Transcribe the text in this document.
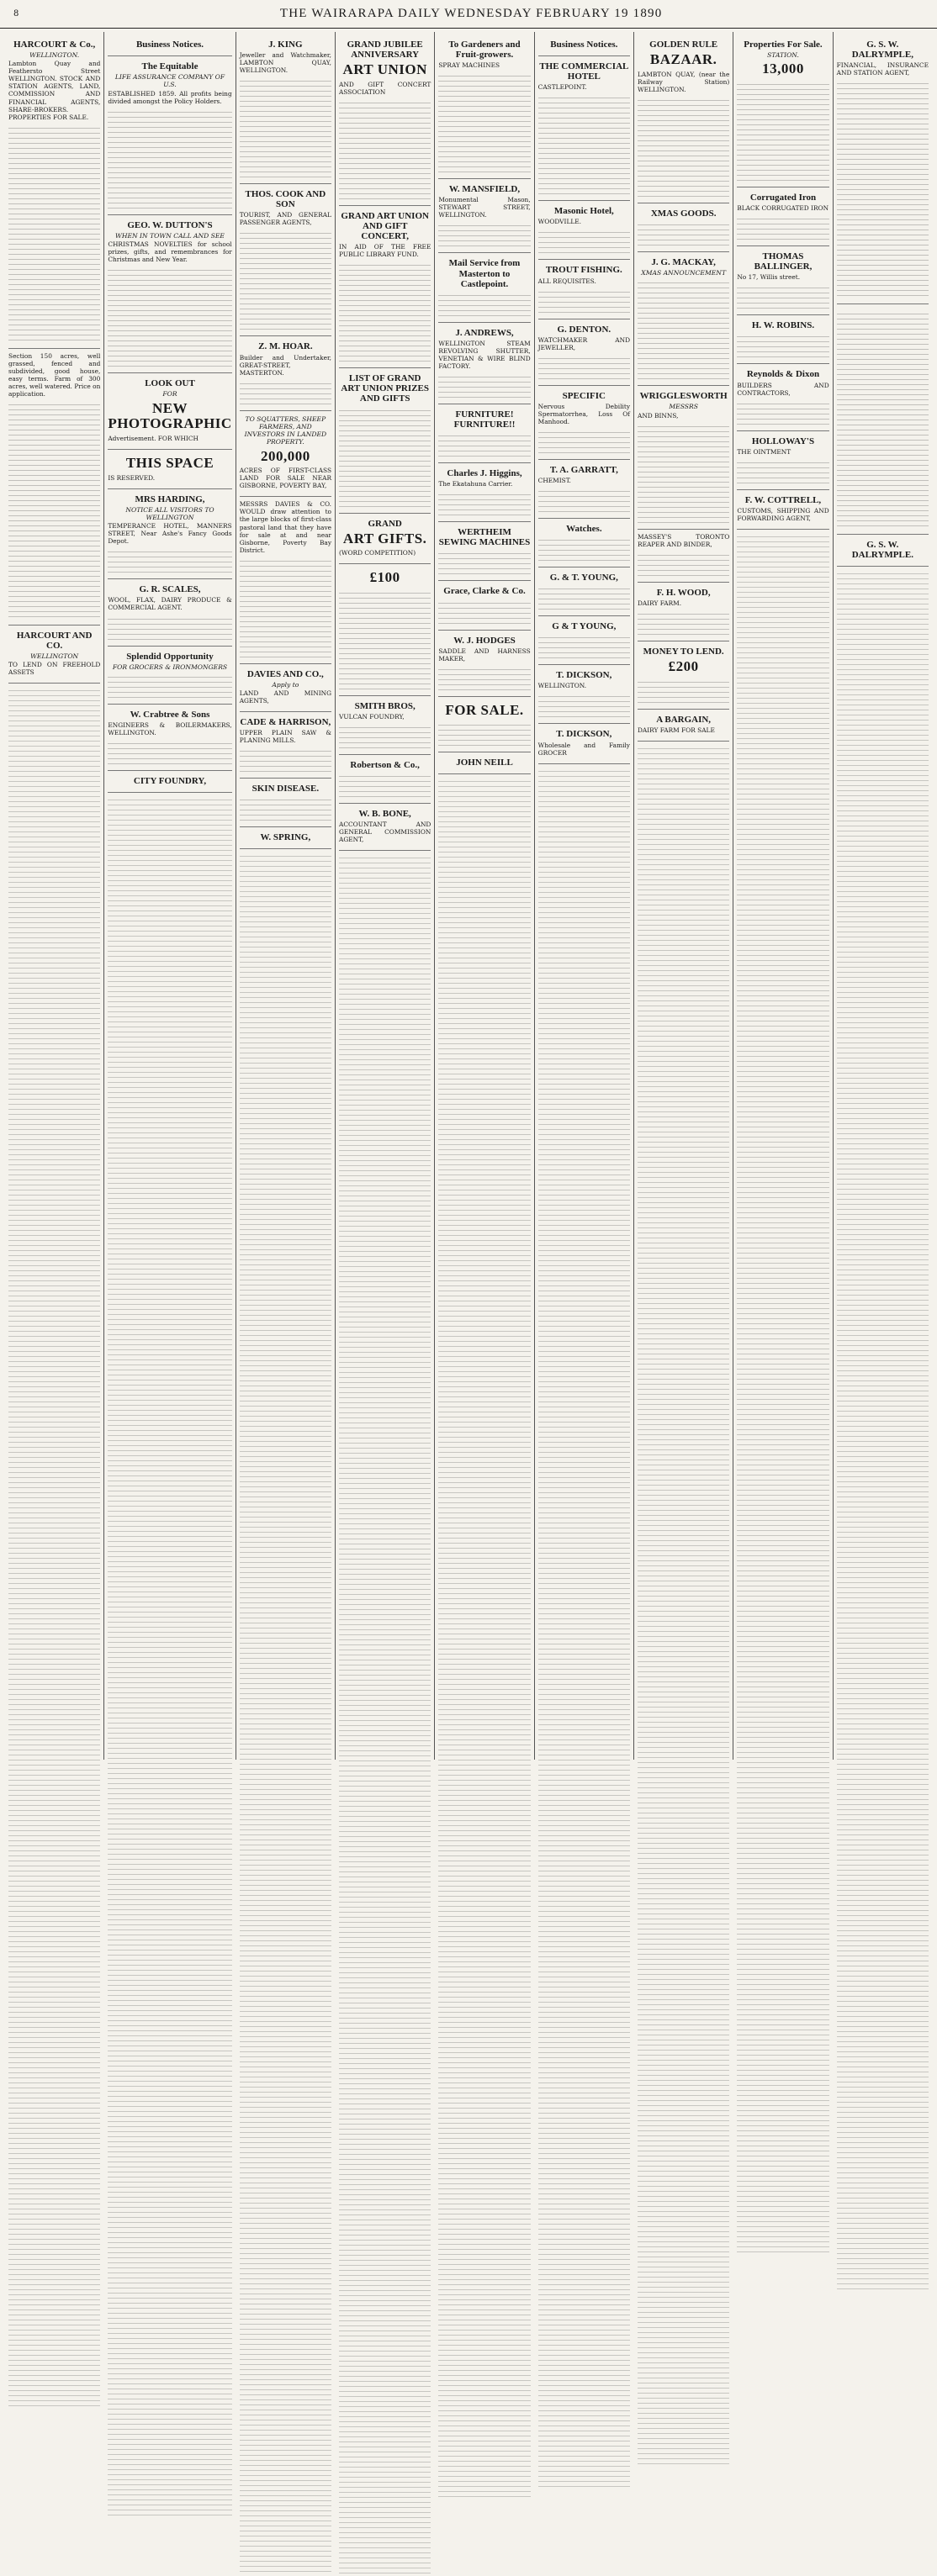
8	THE WAIRARAPA DAILY WEDNESDAY FEBRUARY 19 1890
HARCOURT & Co.,
WELLINGTON.

Lambton Quay and Feathersto Street WELLINGTON. STOCK AND STATION AGENTS, LAND, COMMISSION AND FINANCIAL AGENTS, SHARE-BROKERS. PROPERTIES FOR SALE.

Section 150 acres, well grassed, fenced and subdivided, good house, easy terms. Farm of 300 acres, well watered. Price on application.

HARCOURT AND CO.
WELLINGTON

TO LEND ON FREEHOLD ASSETS

Business Notices.
The Equitable
LIFE ASSURANCE COMPANY OF U.S.

ESTABLISHED 1859. All profits being divided amongst the Policy Holders.

GEO. W. DUTTON'S
WHEN IN TOWN CALL AND SEE

CHRISTMAS NOVELTIES for school prizes, gifts, and remembrances for Christmas and New Year.

LOOK OUT
FOR
NEW PHOTOGRAPHIC

Advertisement. FOR WHICH

THIS SPACE

IS RESERVED.

MRS HARDING,
NOTICE ALL VISITORS TO WELLINGTON

TEMPERANCE HOTEL, MANNERS STREET, Near Ashe's Fancy Goods Depot.

G. R. SCALES,

WOOL, FLAX, DAIRY PRODUCE & COMMERCIAL AGENT.

Splendid Opportunity
FOR GROCERS & IRONMONGERS
W. Crabtree & Sons

ENGINEERS & BOILERMAKERS, WELLINGTON.

CITY FOUNDRY,
J. KING

Jeweller and Watchmaker, LAMBTON QUAY, WELLINGTON.

THOS. COOK AND SON

TOURIST, AND GENERAL PASSENGER AGENTS,

Z. M. HOAR.

Builder and Undertaker, GREAT-STREET, MASTERTON.

TO SQUATTERS, SHEEP FARMERS, AND INVESTORS IN LANDED PROPERTY.
200,000

ACRES OF FIRST-CLASS LAND FOR SALE NEAR GISBORNE, POVERTY BAY,

MESSRS DAVIES & CO. WOULD draw attention to the large blocks of first-class pastoral land that they have for sale at and near Gisborne, Poverty Bay District.

DAVIES AND CO.,
Apply to

LAND AND MINING AGENTS,

CADE & HARRISON,

UPPER PLAIN SAW & PLANING MILLS.

SKIN DISEASE.
W. SPRING,
GRAND JUBILEE ANNIVERSARY
ART UNION

AND GIFT CONCERT ASSOCIATION

GRAND ART UNION AND GIFT CONCERT,

IN AID OF THE FREE PUBLIC LIBRARY FUND.

LIST OF GRAND ART UNION PRIZES AND GIFTS
GRAND
ART GIFTS.

(WORD COMPETITION)

£100
SMITH BROS,

VULCAN FOUNDRY,

Robertson & Co.,
W. B. BONE,

ACCOUNTANT AND GENERAL COMMISSION AGENT,

To Gardeners and Fruit-growers.

SPRAY MACHINES

W. MANSFIELD,

Monumental Mason, STEWART STREET, WELLINGTON.

Mail Service from Masterton to Castlepoint.
J. ANDREWS,

WELLINGTON STEAM REVOLVING SHUTTER, VENETIAN & WIRE BLIND FACTORY.

FURNITURE! FURNITURE!!
Charles J. Higgins,

The Ekatahuna Carrier.

WERTHEIM SEWING MACHINES
Grace, Clarke & Co.
W. J. HODGES

SADDLE AND HARNESS MAKER,

FOR SALE.
JOHN NEILL
Business Notices.
THE COMMERCIAL HOTEL

CASTLEPOINT.

Masonic Hotel,

WOODVILLE.

TROUT FISHING.

ALL REQUISITES.

G. DENTON.

WATCHMAKER AND JEWELLER,

SPECIFIC

Nervous Debility Spermatorrhea, Loss Of Manhood.

T. A. GARRATT,

CHEMIST.

Watches.
G. & T. YOUNG,
G & T YOUNG,
T. DICKSON,

WELLINGTON.

T. DICKSON,

Wholesale and Family GROCER

GOLDEN RULE
BAZAAR.

LAMBTON QUAY, (near the Railway Station) WELLINGTON.

XMAS GOODS.
J. G. MACKAY,
XMAS ANNOUNCEMENT
WRIGGLESWORTH
MESSRS

AND BINNS,

MASSEY'S TORONTO REAPER AND BINDER,

F. H. WOOD,

DAIRY FARM.

MONEY TO LEND.
£200
A BARGAIN,

DAIRY FARM FOR SALE

Properties For Sale.
STATION.
13,000
Corrugated Iron

BLACK CORRUGATED IRON

THOMAS BALLINGER,

No 17, Willis street.

H. W. ROBINS.
Reynolds & Dixon

BUILDERS AND CONTRACTORS,

HOLLOWAY'S

THE OINTMENT

F. W. COTTRELL,

CUSTOMS, SHIPPING AND FORWARDING AGENT,

G. S. W. DALRYMPLE,

FINANCIAL, INSURANCE AND STATION AGENT,

G. S. W. DALRYMPLE.
